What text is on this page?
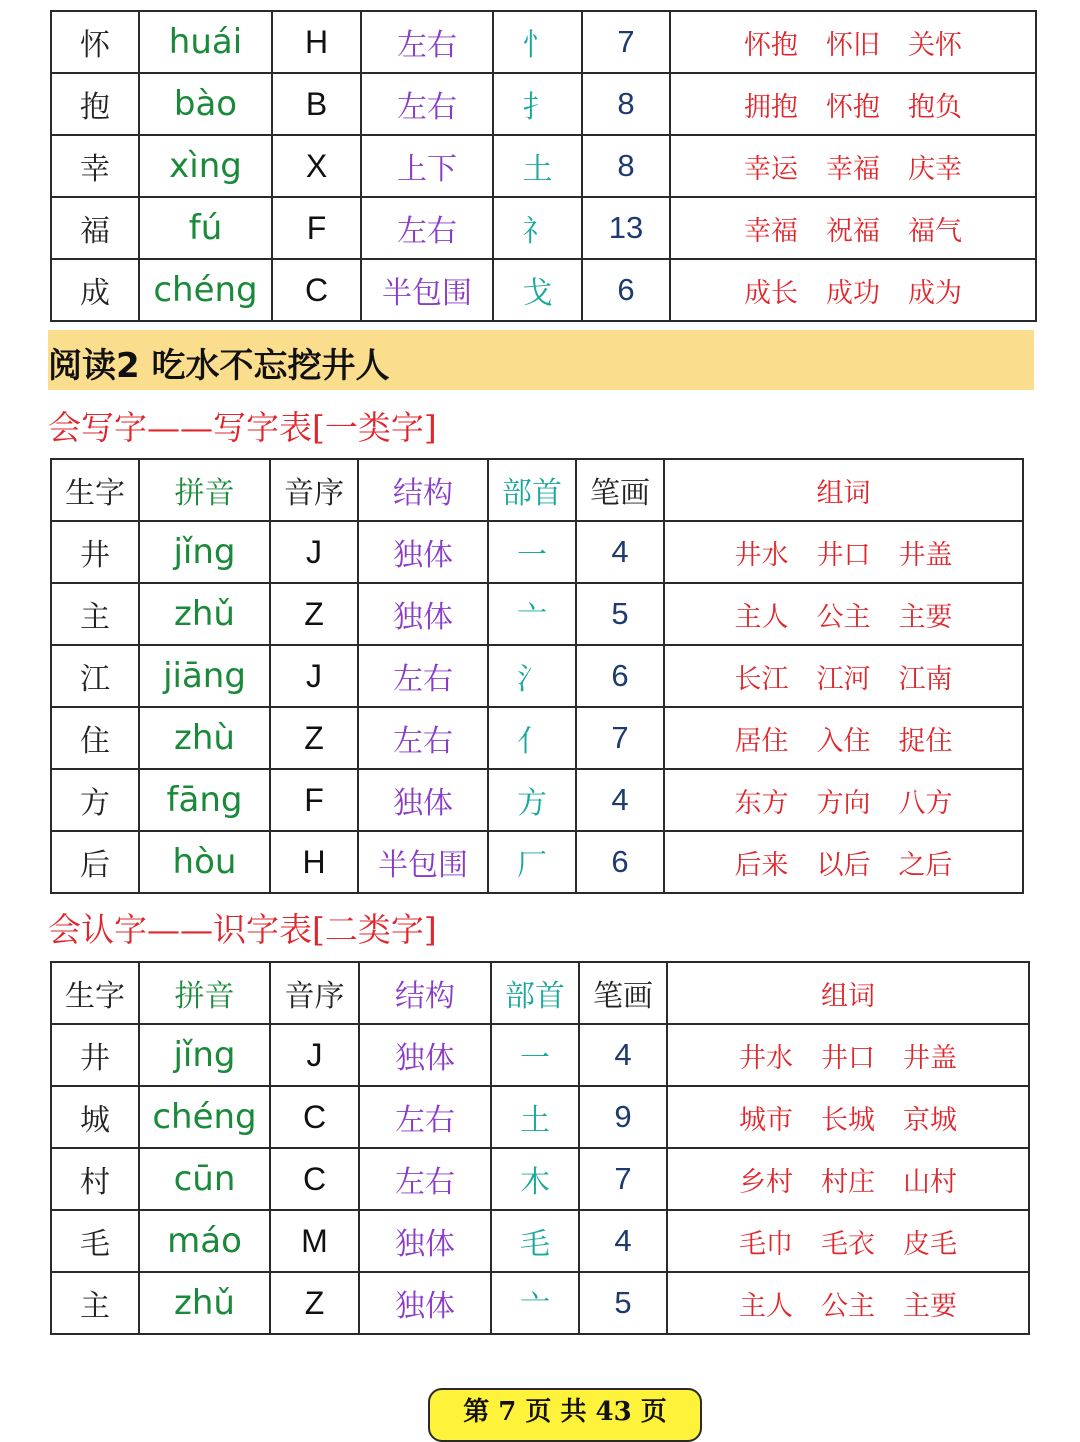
怀	huái	H	左右	忄	7	怀抱 怀旧 关怀
抱	bào	B	左右	扌	8	拥抱 怀抱 抱负
幸	xìng	X	上下	土	8	幸运 幸福 庆幸
福	fú	F	左右	礻	13	幸福 祝福 福气
成	chéng	C	半包围	戈	6	成长 成功 成为
阅读2 吃水不忘挖井人
会写字——写字表[一类字]
生字	拼音	音序	结构	部首	笔画	组词
井	jǐng	J	独体	一	4	井水 井口 井盖
主	zhǔ	Z	独体	亠	5	主人 公主 主要
江	jiāng	J	左右	氵	6	长江 江河 江南
住	zhù	Z	左右	亻	7	居住 入住 捉住
方	fāng	F	独体	方	4	东方 方向 八方
后	hòu	H	半包围	厂	6	后来 以后 之后
会认字——识字表[二类字]
生字	拼音	音序	结构	部首	笔画	组词
井	jǐng	J	独体	一	4	井水 井口 井盖
城	chéng	C	左右	土	9	城市 长城 京城
村	cūn	C	左右	木	7	乡村 村庄 山村
毛	máo	M	独体	毛	4	毛巾 毛衣 皮毛
主	zhǔ	Z	独体	亠	5	主人 公主 主要
第 7 页 共 43 页
